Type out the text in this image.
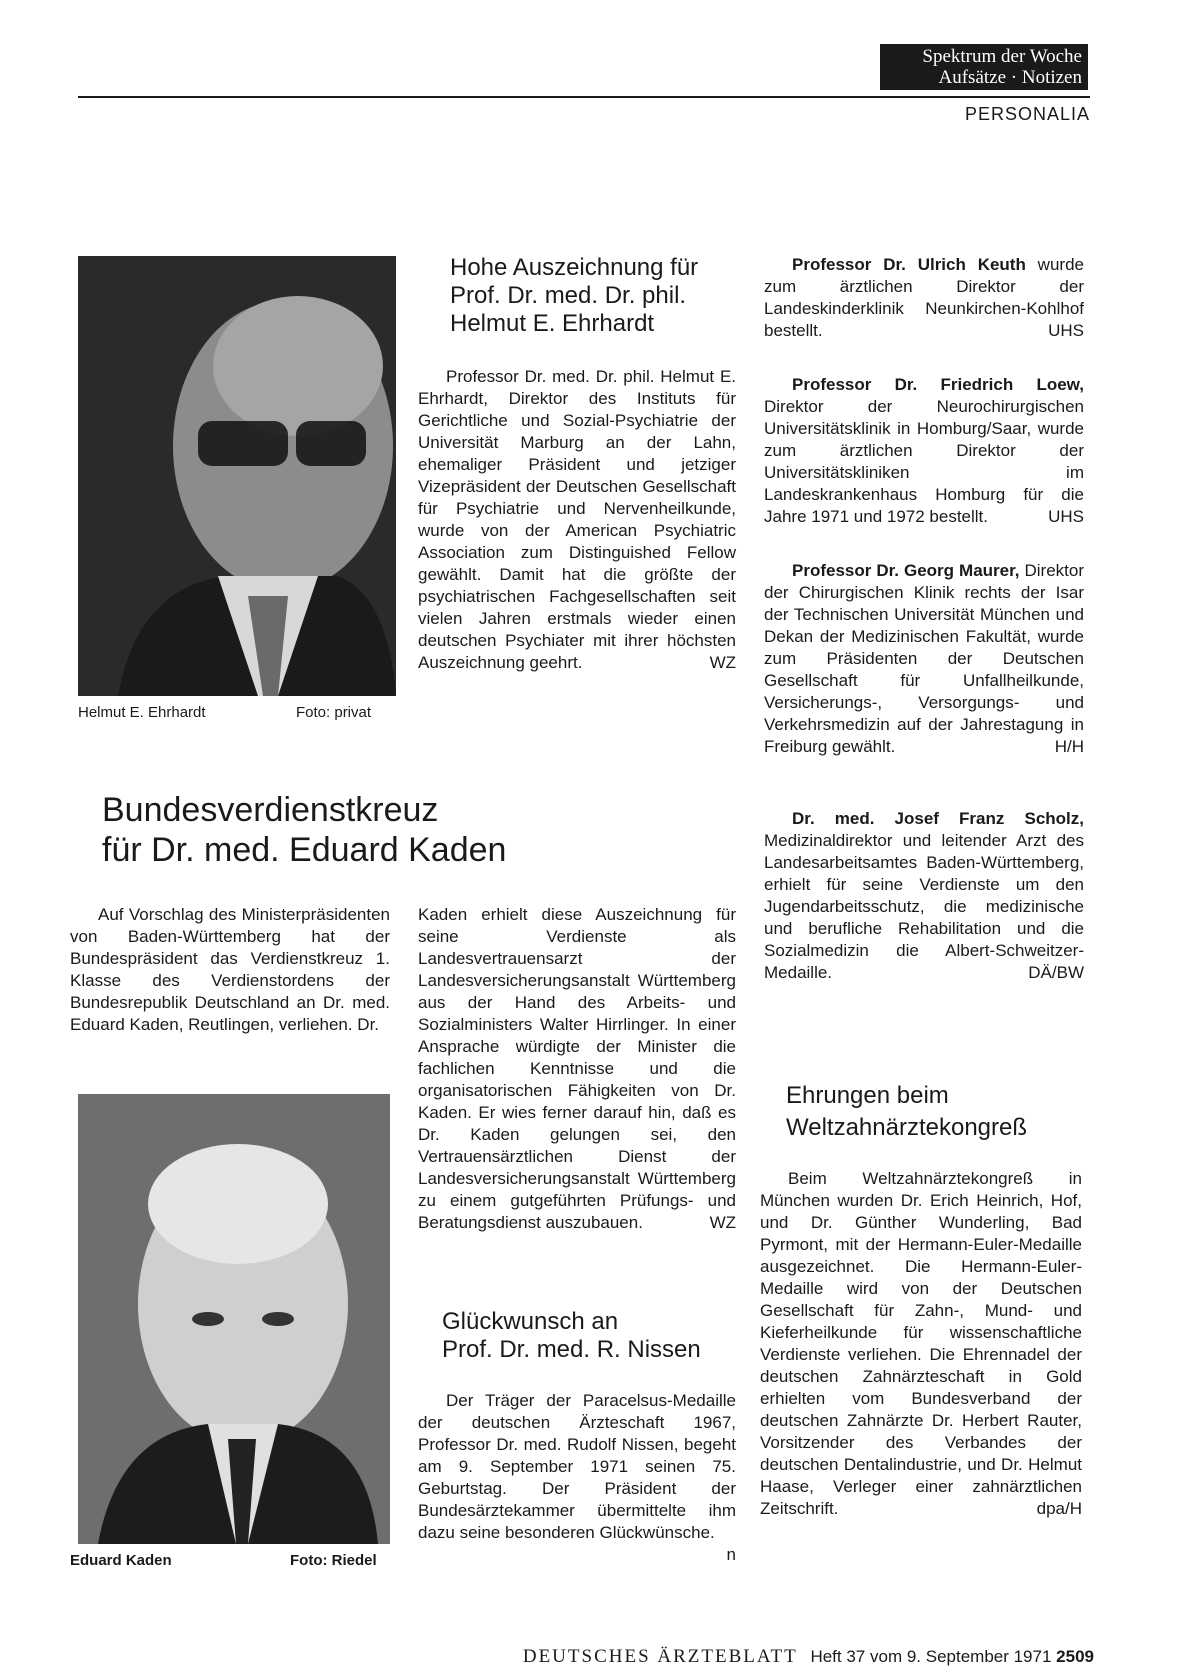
Spektrum der Woche
Aufsätze · Notizen
PERSONALIA
Helmut E. Ehrhardt	Foto: privat
Hohe Auszeichnung für
Prof. Dr. med. Dr. phil.
Helmut E. Ehrhardt

Professor Dr. med. Dr. phil. Helmut E. Ehrhardt, Direktor des Instituts für Gerichtliche und Sozial-Psychiatrie der Universität Marburg an der Lahn, ehemaliger Präsident und jetziger Vizepräsident der Deutschen Gesellschaft für Psychiatrie und Nervenheilkunde, wurde von der American Psychiatric Association zum Distinguished Fellow gewählt. Damit hat die größte der psychiatrischen Fachgesellschaften seit vielen Jahren erstmals wieder einen deutschen Psychiater mit ihrer höchsten Auszeichnung geehrt.	WZ

Professor Dr. Ulrich Keuth wurde zum ärztlichen Direktor der Landeskinderklinik Neunkirchen-Kohlhof bestellt.	UHS

Professor Dr. Friedrich Loew, Direktor der Neurochirurgischen Universitätsklinik in Homburg/Saar, wurde zum ärztlichen Direktor der Universitätskliniken im Landeskrankenhaus Homburg für die Jahre 1971 und 1972 bestellt.	UHS

Professor Dr. Georg Maurer, Direktor der Chirurgischen Klinik rechts der Isar der Technischen Universität München und Dekan der Medizinischen Fakultät, wurde zum Präsidenten der Deutschen Gesellschaft für Unfallheilkunde, Versicherungs-, Versorgungs- und Verkehrsmedizin auf der Jahrestagung in Freiburg gewählt.	H/H

Dr. med. Josef Franz Scholz, Medizinaldirektor und leitender Arzt des Landesarbeitsamtes Baden-Württemberg, erhielt für seine Verdienste um den Jugendarbeitsschutz, die medizinische und berufliche Rehabilitation und die Sozialmedizin die Albert-Schweitzer-Medaille.	DÄ/BW

Bundesverdienstkreuz
für Dr. med. Eduard Kaden

Auf Vorschlag des Ministerpräsidenten von Baden-Württemberg hat der Bundespräsident das Verdienstkreuz 1. Klasse des Verdienstordens der Bundesrepublik Deutschland an Dr. med. Eduard Kaden, Reutlingen, verliehen. Dr.

Kaden erhielt diese Auszeichnung für seine Verdienste als Landesvertrauensarzt der Landesversicherungsanstalt Württemberg aus der Hand des Arbeits- und Sozialministers Walter Hirrlinger. In einer Ansprache würdigte der Minister die fachlichen Kenntnisse und die organisatorischen Fähigkeiten von Dr. Kaden. Er wies ferner darauf hin, daß es Dr. Kaden gelungen sei, den Vertrauensärztlichen Dienst der Landesversicherungsanstalt Württemberg zu einem gutgeführten Prüfungs- und Beratungsdienst auszubauen.	WZ

Eduard Kaden	Foto: Riedel
Glückwunsch an
Prof. Dr. med. R. Nissen

Der Träger der Paracelsus-Medaille der deutschen Ärzteschaft 1967, Professor Dr. med. Rudolf Nissen, begeht am 9. September 1971 seinen 75. Geburtstag. Der Präsident der Bundesärztekammer übermittelte ihm dazu seine besonderen Glückwünsche.
n

Ehrungen beim
Weltzahnärztekongreß

Beim Weltzahnärztekongreß in München wurden Dr. Erich Heinrich, Hof, und Dr. Günther Wunderling, Bad Pyrmont, mit der Hermann-Euler-Medaille ausgezeichnet. Die Hermann-Euler-Medaille wird von der Deutschen Gesellschaft für Zahn-, Mund- und Kieferheilkunde für wissenschaftliche Verdienste verliehen. Die Ehrennadel der deutschen Zahnärzteschaft in Gold erhielten vom Bundesverband der deutschen Zahnärzte Dr. Herbert Rauter, Vorsitzender des Verbandes der deutschen Dentalindustrie, und Dr. Helmut Haase, Verleger einer zahnärztlichen Zeitschrift.	dpa/H

DEUTSCHES ÄRZTEBLATT Heft 37 vom 9. September 1971 2509
